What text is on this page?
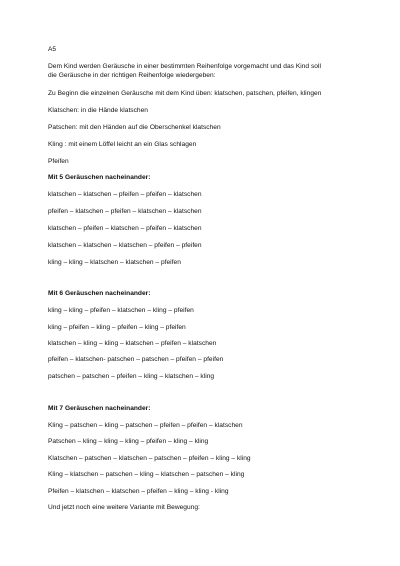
A5
Dem Kind werden Geräusche in einer bestimmten Reihenfolge vorgemacht und das Kind soll
die Geräusche in der richtigen Reihenfolge wiedergeben:
Zu Beginn die einzelnen Geräusche mit dem Kind üben: klatschen, patschen, pfeifen, klingen
Klatschen: in die Hände klatschen
Patschen: mit den Händen auf die Oberschenkel klatschen
Kling : mit einem Löffel leicht an ein Glas schlagen
Pfeifen
Mit 5 Geräuschen nacheinander:
klatschen – klatschen – pfeifen – pfeifen – klatschen
pfeifen – klatschen – pfeifen – klatschen – klatschen
klatschen – pfeifen – klatschen – pfeifen – klatschen
klatschen – klatschen – klatschen – pfeifen – pfeifen
kling – kling – klatschen – klatschen – pfeifen
Mit 6 Geräuschen nacheinander:
kling – kling – pfeifen – klatschen – kling – pfeifen
kling – pfeifen – kling – pfeifen – kling – pfeifen
klatschen – kling – kling – klatschen – pfeifen – klatschen
pfeifen – klatschen- patschen – patschen – pfeifen – pfeifen
patschen – patschen – pfeifen – kling – klatschen – kling
Mit 7 Geräuschen nacheinander:
Kling – patschen – kling – patschen – pfeifen – pfeifen – klatschen
Patschen – kling – kling – kling – pfeifen – kling – kling
Klatschen – patschen – klatschen – patschen – pfeifen – kling – kling
Kling – klatschen – patschen – kling – klatschen – patschen – kling
Pfeifen – klatschen – klatschen – pfeifen – kling – kling - kling
Und jetzt noch eine weitere Variante mit Bewegung:
